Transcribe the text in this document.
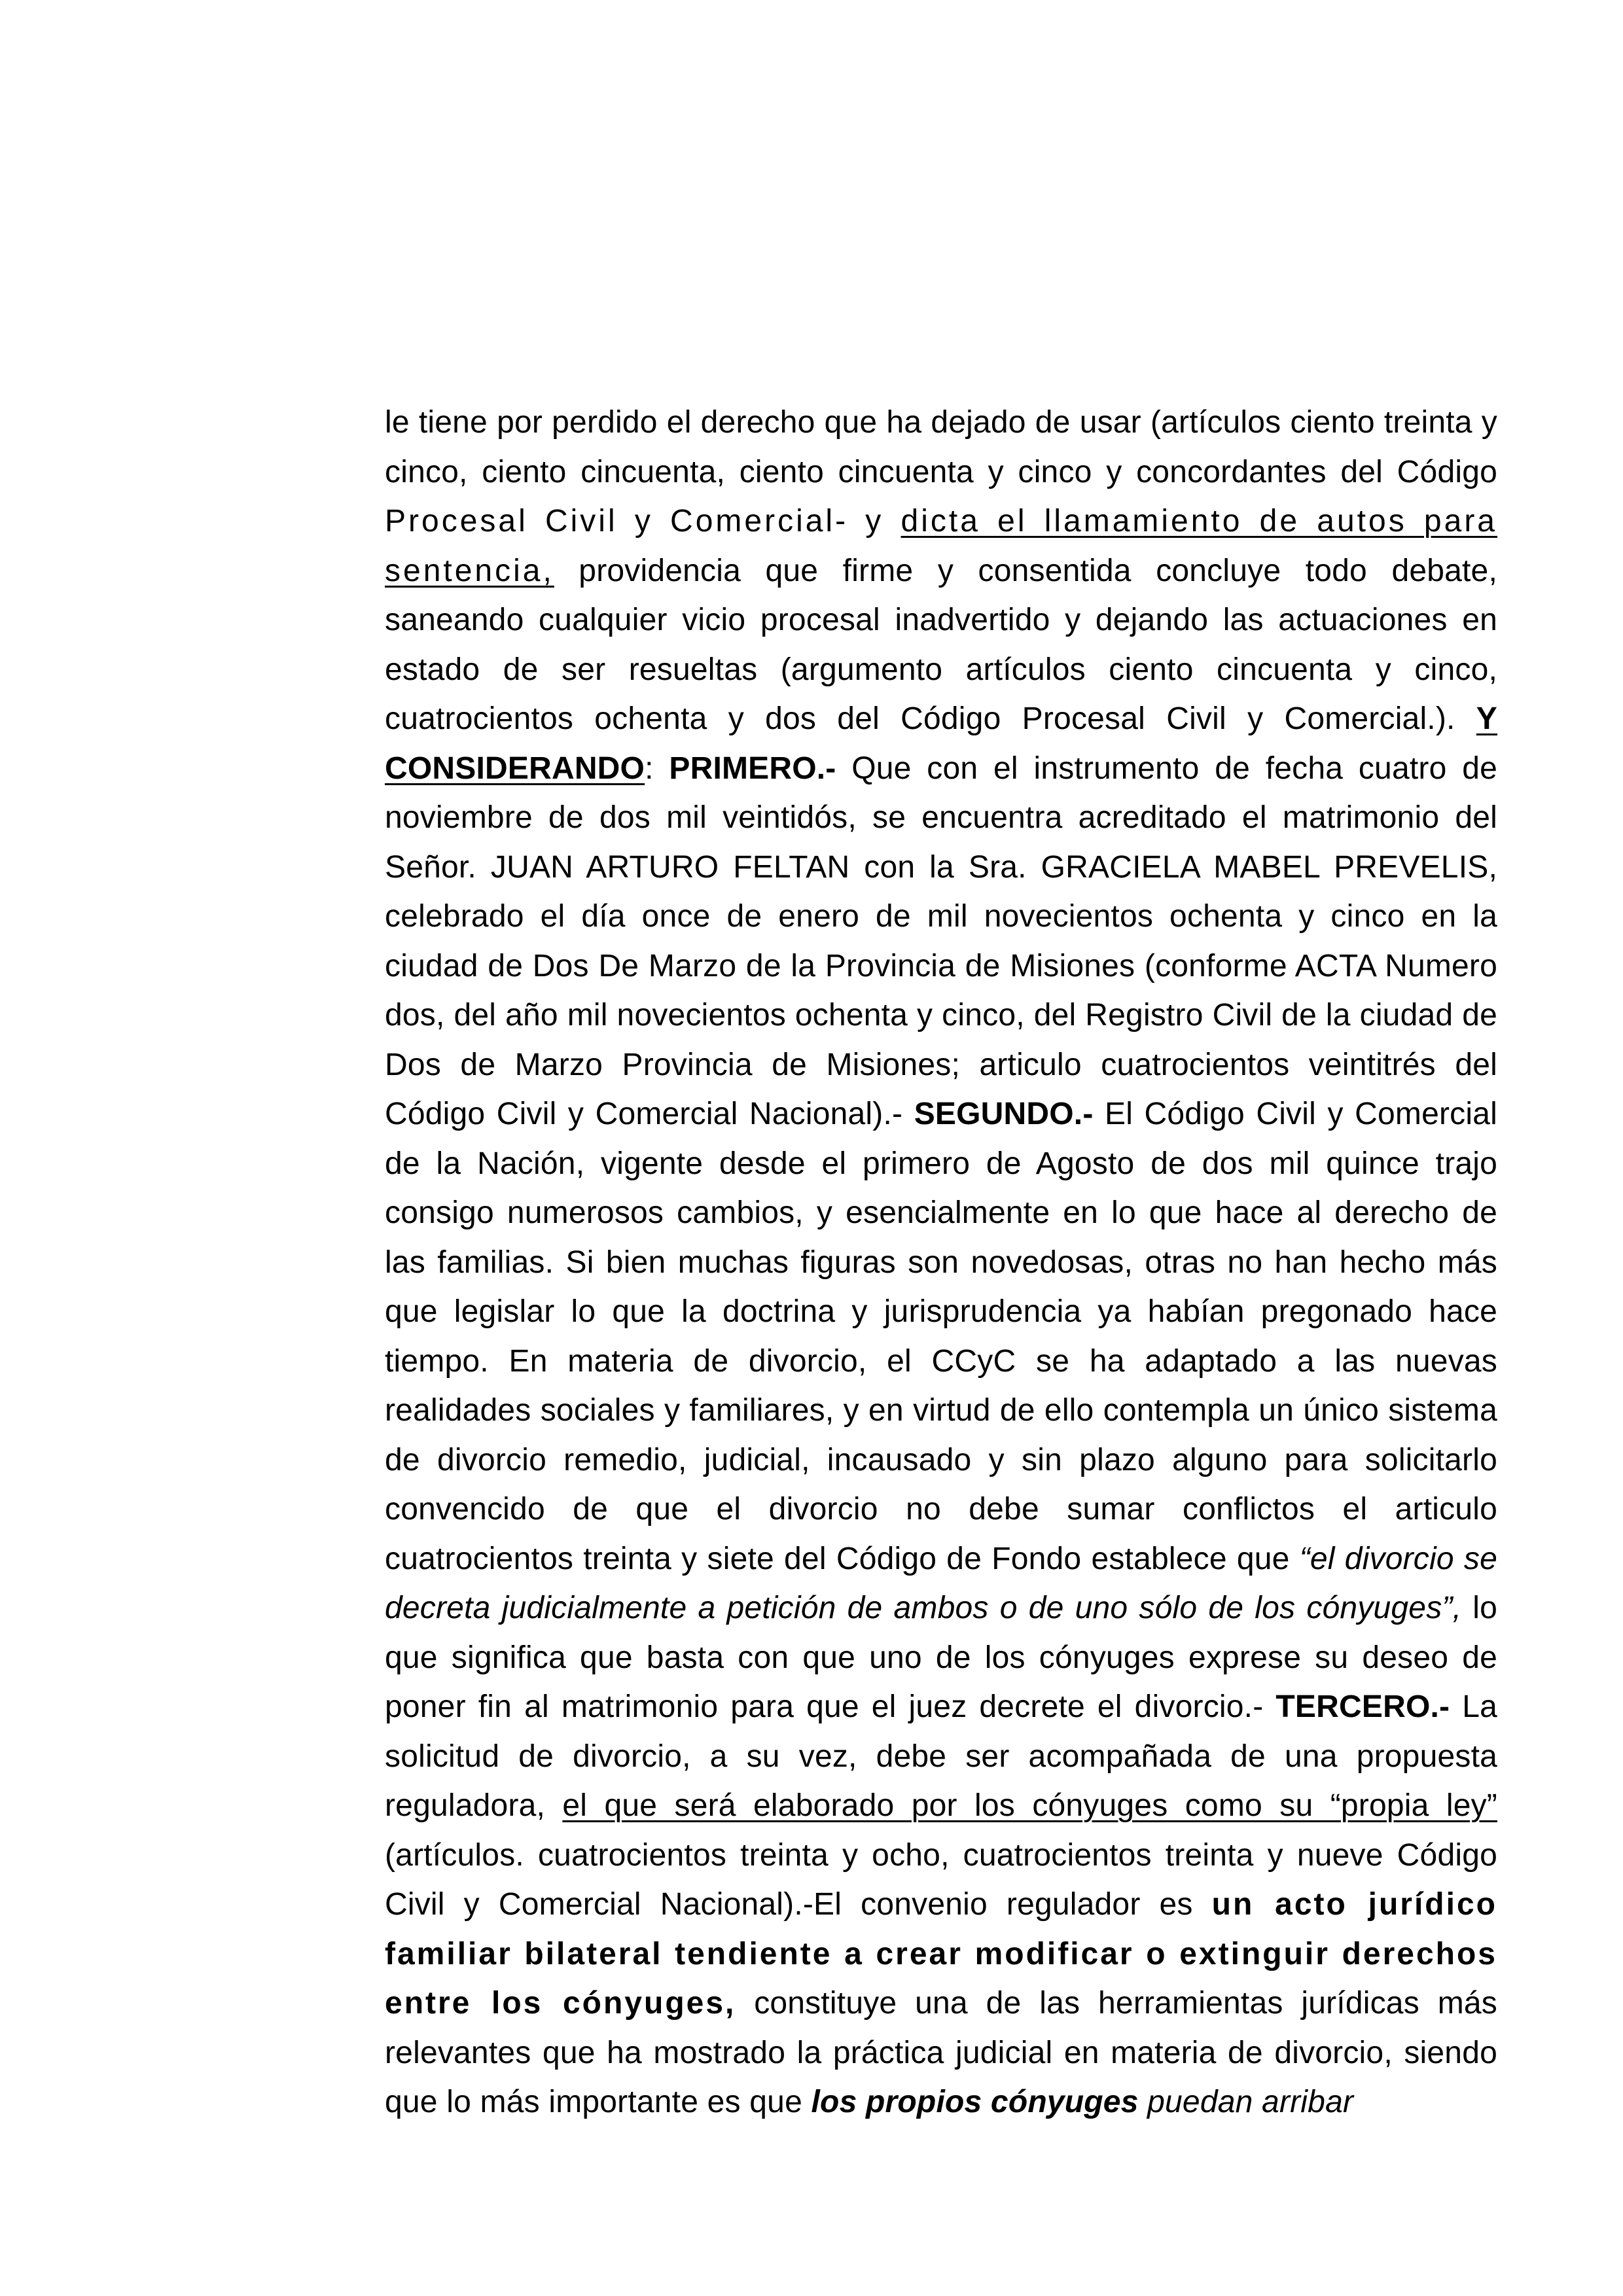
le tiene por perdido el derecho que ha dejado de usar (artículos ciento treinta y cinco, ciento cincuenta, ciento cincuenta y cinco y concordantes del Código Procesal Civil y Comercial- y dicta el llamamiento de autos para sentencia, providencia que firme y consentida concluye todo debate, saneando cualquier vicio procesal inadvertido y dejando las actuaciones en estado de ser resueltas (argumento artículos ciento cincuenta y cinco, cuatrocientos ochenta y dos del Código Procesal Civil y Comercial.). Y CONSIDERANDO: PRIMERO.- Que con el instrumento de fecha cuatro de noviembre de dos mil veintidós, se encuentra acreditado el matrimonio del Señor. JUAN ARTURO FELTAN con la Sra. GRACIELA MABEL PREVELIS, celebrado el día once de enero de mil novecientos ochenta y cinco en la ciudad de Dos De Marzo de la Provincia de Misiones (conforme ACTA Numero dos, del año mil novecientos ochenta y cinco, del Registro Civil de la ciudad de Dos de Marzo Provincia de Misiones; articulo cuatrocientos veintitrés del Código Civil y Comercial Nacional).- SEGUNDO.- El Código Civil y Comercial de la Nación, vigente desde el primero de Agosto de dos mil quince trajo consigo numerosos cambios, y esencialmente en lo que hace al derecho de las familias. Si bien muchas figuras son novedosas, otras no han hecho más que legislar lo que la doctrina y jurisprudencia ya habían pregonado hace tiempo. En materia de divorcio, el CCyC se ha adaptado a las nuevas realidades sociales y familiares, y en virtud de ello contempla un único sistema de divorcio remedio, judicial, incausado y sin plazo alguno para solicitarlo convencido de que el divorcio no debe sumar conflictos el articulo cuatrocientos treinta y siete del Código de Fondo establece que “el divorcio se decreta judicialmente a petición de ambos o de uno sólo de los cónyuges”, lo que significa que basta con que uno de los cónyuges exprese su deseo de poner fin al matrimonio para que el juez decrete el divorcio.- TERCERO.- La solicitud de divorcio, a su vez, debe ser acompañada de una propuesta reguladora, el que será elaborado por los cónyuges como su “propia ley” (artículos. cuatrocientos treinta y ocho, cuatrocientos treinta y nueve Código Civil y Comercial Nacional).-El convenio regulador es un acto jurídico familiar bilateral tendiente a crear modificar o extinguir derechos entre los cónyuges, constituye una de las herramientas jurídicas más relevantes que ha mostrado la práctica judicial en materia de divorcio, siendo que lo más importante es que los propios cónyuges puedan arribar
